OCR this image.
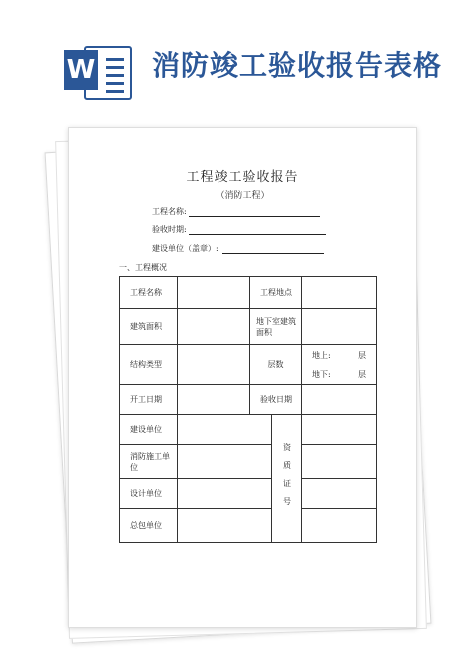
W 消防竣工验收报告表格
工程竣工验收报告
（消防工程）
工程名称:
验收时期:
建设单位（盖章）:
一、工程概况
工程名称		工程地点		
建筑面积		地下室建筑面积		
结构类型		层数		地上: 层
地下: 层

开工日期		验收日期		
建设单位			资质证号	
消防施工单位				
设计单位				
总包单位				
